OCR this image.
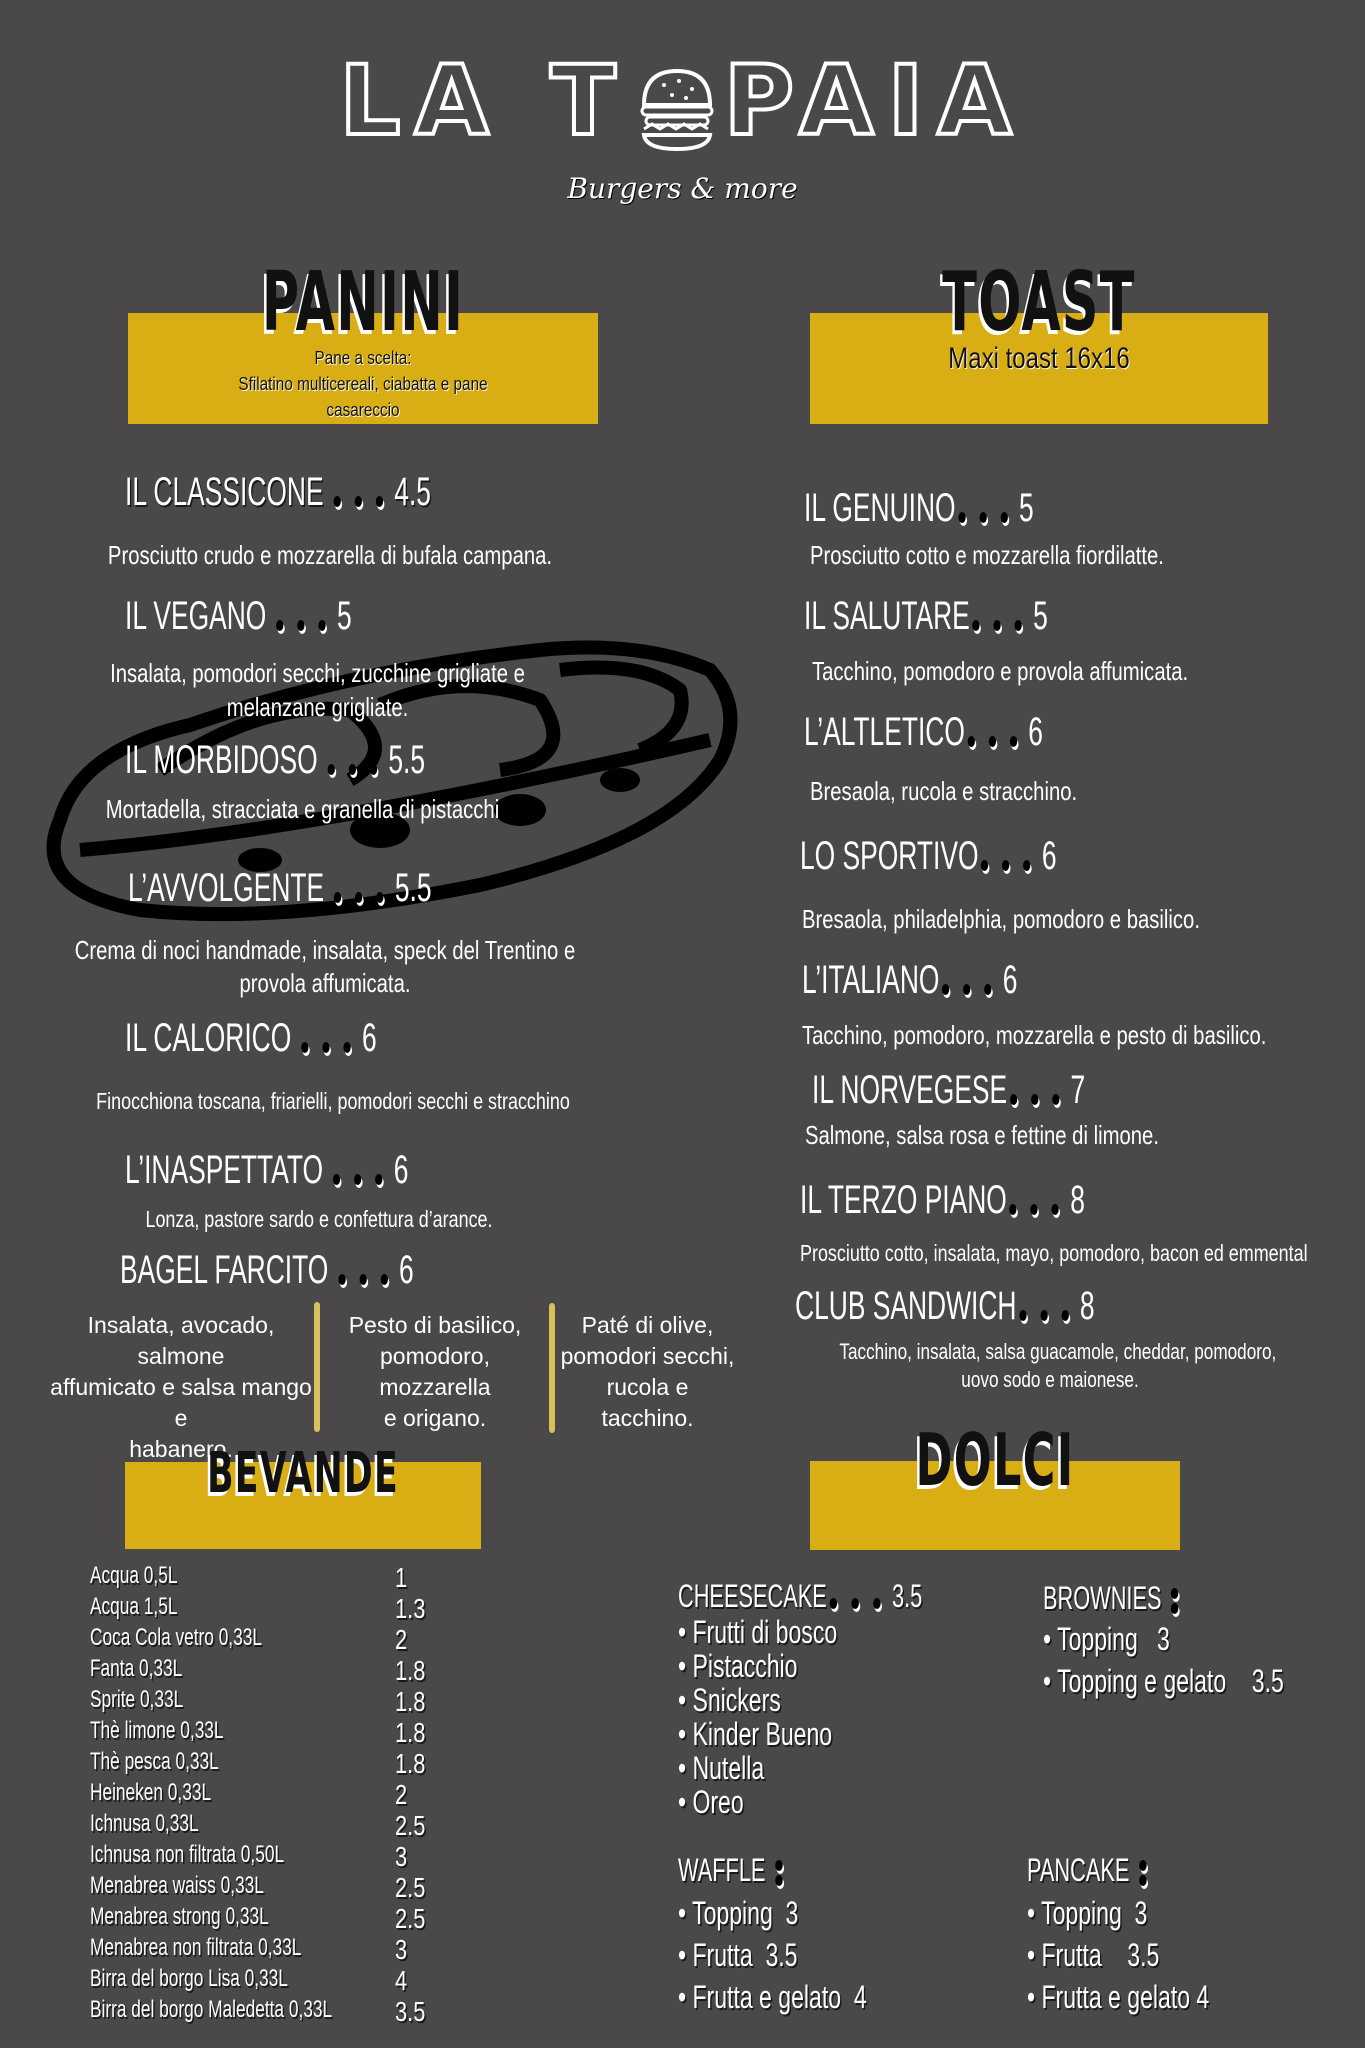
LA T PAIA
Burgers & more
PANINI
Pane a scelta:
Sfilatino multicereali, ciabatta e pane
casareccio
IL CLASSICONE 4.5
Prosciutto crudo e mozzarella di bufala campana.
IL VEGANO 5
Insalata, pomodori secchi, zucchine grigliate e
melanzane grigliate.
IL MORBIDOSO 5.5
Mortadella, stracciata e granella di pistacchi
L’AVVOLGENTE 5.5
Crema di noci handmade, insalata, speck del Trentino e
provola affumicata.
IL CALORICO 6
Finocchiona toscana, friarielli, pomodori secchi e stracchino
L’INASPETTATO 6
Lonza, pastore sardo e confettura d’arance.
BAGEL FARCITO 6
Insalata, avocado, salmone
affumicato e salsa mango e
habanero.
Pesto di basilico,
pomodoro, mozzarella
e origano.
Paté di olive,
pomodori secchi,
rucola e tacchino.
TOAST
Maxi toast 16x16
IL GENUINO 5
Prosciutto cotto e mozzarella fiordilatte.
IL SALUTARE 5
Tacchino, pomodoro e provola affumicata.
L’ALTLETICO 6
Bresaola, rucola e stracchino.
LO SPORTIVO 6
Bresaola, philadelphia, pomodoro e basilico.
L’ITALIANO 6
Tacchino, pomodoro, mozzarella e pesto di basilico.
IL NORVEGESE 7
Salmone, salsa rosa e fettine di limone.
IL TERZO PIANO 8
Prosciutto cotto, insalata, mayo, pomodoro, bacon ed emmental
CLUB SANDWICH 8
Tacchino, insalata, salsa guacamole, cheddar, pomodoro,
uovo sodo e maionese.
BEVANDE
Acqua 0,5L	1
Acqua 1,5L	1.3
Coca Cola vetro 0,33L	2
Fanta 0,33L	1.8
Sprite 0,33L	1.8
Thè limone 0,33L	1.8
Thè pesca 0,33L	1.8
Heineken 0,33L	2
Ichnusa 0,33L	2.5
Ichnusa non filtrata 0,50L	3
Menabrea waiss 0,33L	2.5
Menabrea strong 0,33L	2.5
Menabrea non filtrata 0,33L	3
Birra del borgo Lisa 0,33L	4
Birra del borgo Maledetta 0,33L 3.5
DOLCI
CHEESECAKE 3.5
• Frutti di bosco
• Pistacchio
• Snickers
• Kinder Bueno
• Nutella
• Oreo
BROWNIES
• Topping 3
• Topping e gelato 3.5
WAFFLE
• Topping 3
• Frutta 3.5
• Frutta e gelato 4
PANCAKE
• Topping 3
• Frutta 3.5
• Frutta e gelato 4
